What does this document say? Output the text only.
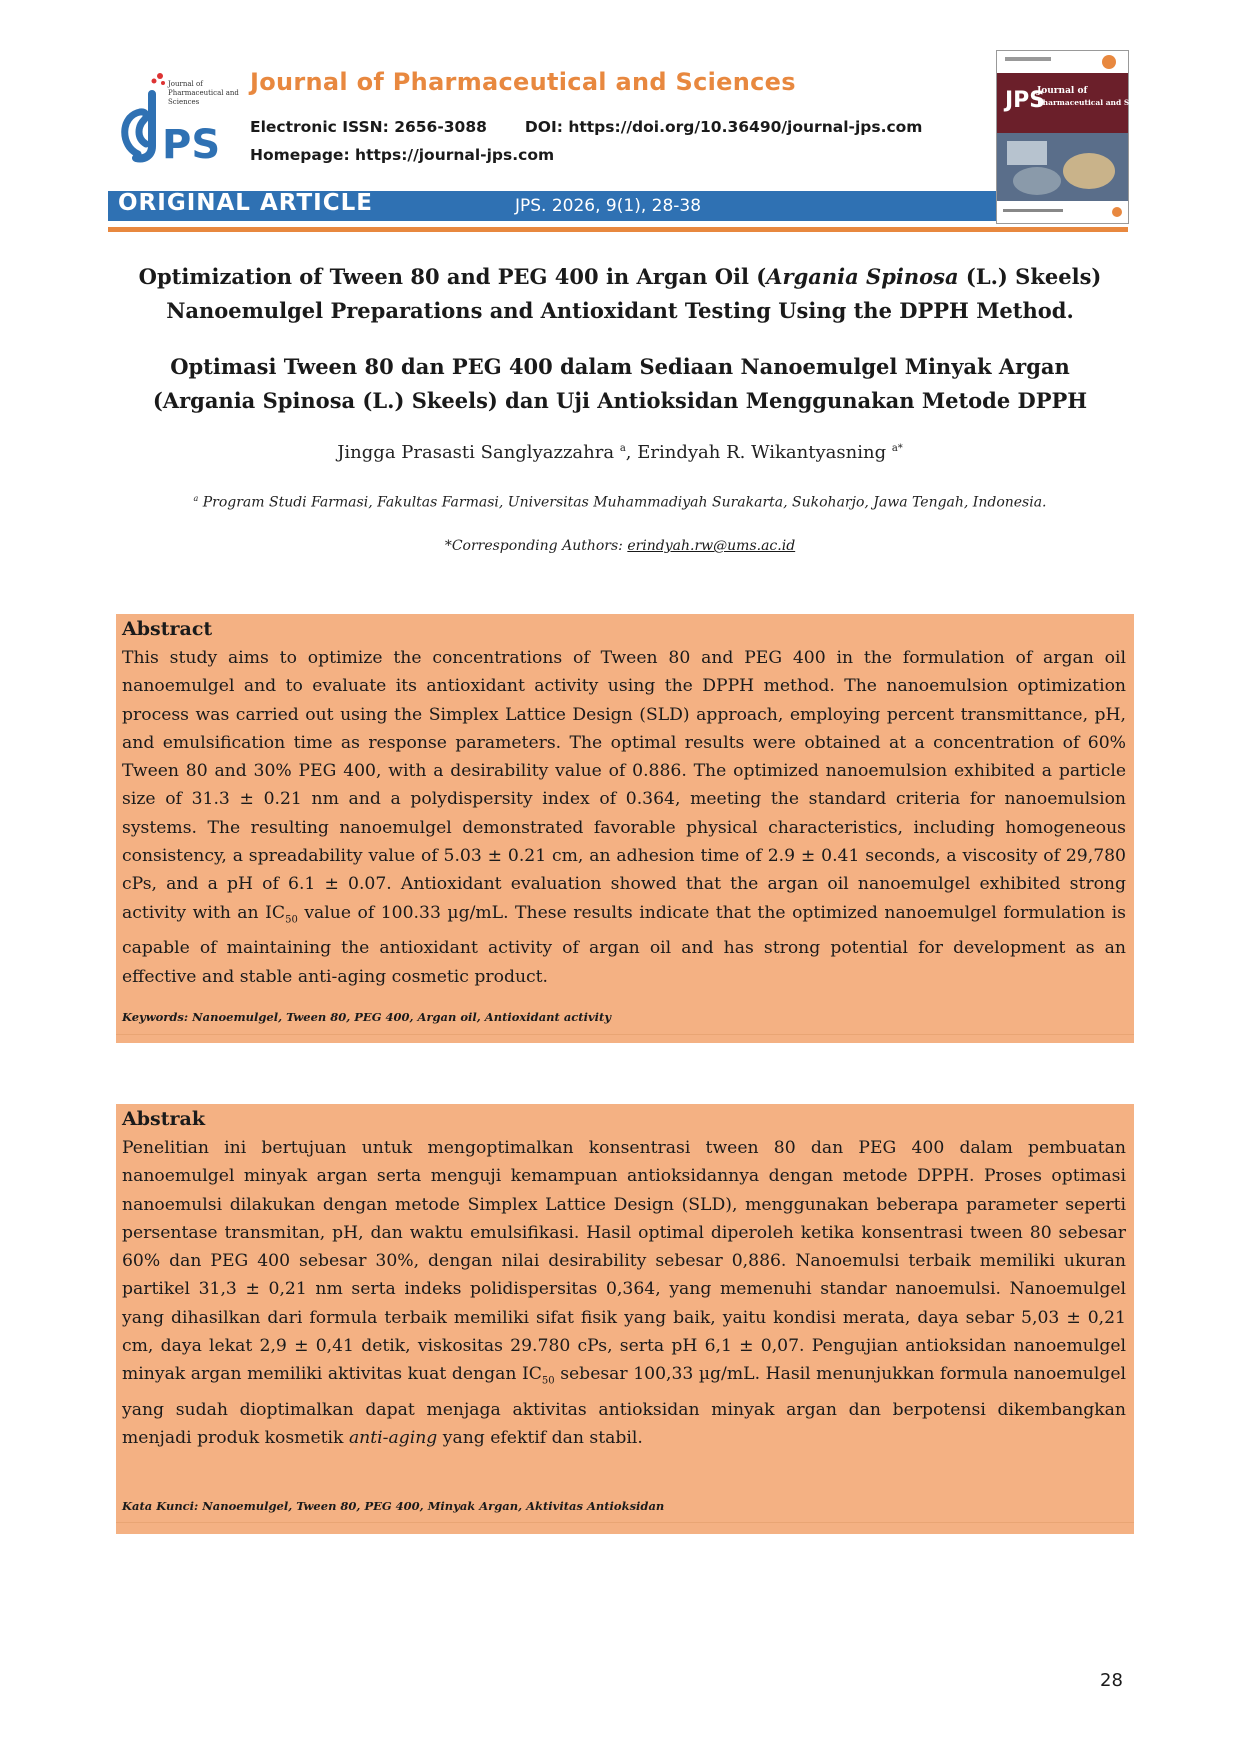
PS
Journal of
Pharmaceutical and
Sciences
Journal of Pharmaceutical and Sciences
Electronic ISSN: 2656-3088 DOI: https://doi.org/10.36490/journal-jps.com
Homepage: https://journal-jps.com
Journal of
Pharmaceutical and Sciences
JPS
ORIGINAL ARTICLE	JPS. 2026, 9(1), 28-38
Optimization of Tween 80 and PEG 400 in Argan Oil (Argania Spinosa (L.) Skeels) Nanoemulgel Preparations and Antioxidant Testing Using the DPPH Method.
Optimasi Tween 80 dan PEG 400 dalam Sediaan Nanoemulgel Minyak Argan (Argania Spinosa (L.) Skeels) dan Uji Antioksidan Menggunakan Metode DPPH
Jingga Prasasti Sanglyazzahra $^a$, Erindyah R. Wikantyasning $^{a*}$
$^a$ Program Studi Farmasi, Fakultas Farmasi, Universitas Muhammadiyah Surakarta, Sukoharjo, Jawa Tengah, Indonesia.
*Corresponding Authors: erindyah.rw@ums.ac.id
Abstract
This study aims to optimize the concentrations of Tween 80 and PEG 400 in the formulation of argan oil nanoemulgel and to evaluate its antioxidant activity using the DPPH method. The nanoemulsion optimization process was carried out using the Simplex Lattice Design (SLD) approach, employing percent transmittance, pH, and emulsification time as response parameters. The optimal results were obtained at a concentration of 60% Tween 80 and 30% PEG 400, with a desirability value of 0.886. The optimized nanoemulsion exhibited a particle size of 31.3 ± 0.21 nm and a polydispersity index of 0.364, meeting the standard criteria for nanoemulsion systems. The resulting nanoemulgel demonstrated favorable physical characteristics, including homogeneous consistency, a spreadability value of 5.03 ± 0.21 cm, an adhesion time of 2.9 ± 0.41 seconds, a viscosity of 29,780 cPs, and a pH of 6.1 ± 0.07. Antioxidant evaluation showed that the argan oil nanoemulgel exhibited strong activity with an $IC_{50}$ value of 100.33 µg/mL. These results indicate that the optimized nanoemulgel formulation is capable of maintaining the antioxidant activity of argan oil and has strong potential for development as an effective and stable anti-aging cosmetic product.
Keywords: Nanoemulgel, Tween 80, PEG 400, Argan oil, Antioxidant activity
Abstrak
Penelitian ini bertujuan untuk mengoptimalkan konsentrasi tween 80 dan PEG 400 dalam pembuatan nanoemulgel minyak argan serta menguji kemampuan antioksidannya dengan metode DPPH. Proses optimasi nanoemulsi dilakukan dengan metode Simplex Lattice Design (SLD), menggunakan beberapa parameter seperti persentase transmitan, pH, dan waktu emulsifikasi. Hasil optimal diperoleh ketika konsentrasi tween 80 sebesar 60% dan PEG 400 sebesar 30%, dengan nilai desirability sebesar 0,886. Nanoemulsi terbaik memiliki ukuran partikel 31,3 ± 0,21 nm serta indeks polidispersitas 0,364, yang memenuhi standar nanoemulsi. Nanoemulgel yang dihasilkan dari formula terbaik memiliki sifat fisik yang baik, yaitu kondisi merata, daya sebar 5,03 ± 0,21 cm, daya lekat 2,9 ± 0,41 detik, viskositas 29.780 cPs, serta pH 6,1 ± 0,07. Pengujian antioksidan nanoemulgel minyak argan memiliki aktivitas kuat dengan $IC_{50}$ sebesar 100,33 µg/mL. Hasil menunjukkan formula nanoemulgel yang sudah dioptimalkan dapat menjaga aktivitas antioksidan minyak argan dan berpotensi dikembangkan menjadi produk kosmetik anti-aging yang efektif dan stabil.
Kata Kunci: Nanoemulgel, Tween 80, PEG 400, Minyak Argan, Aktivitas Antioksidan
28
